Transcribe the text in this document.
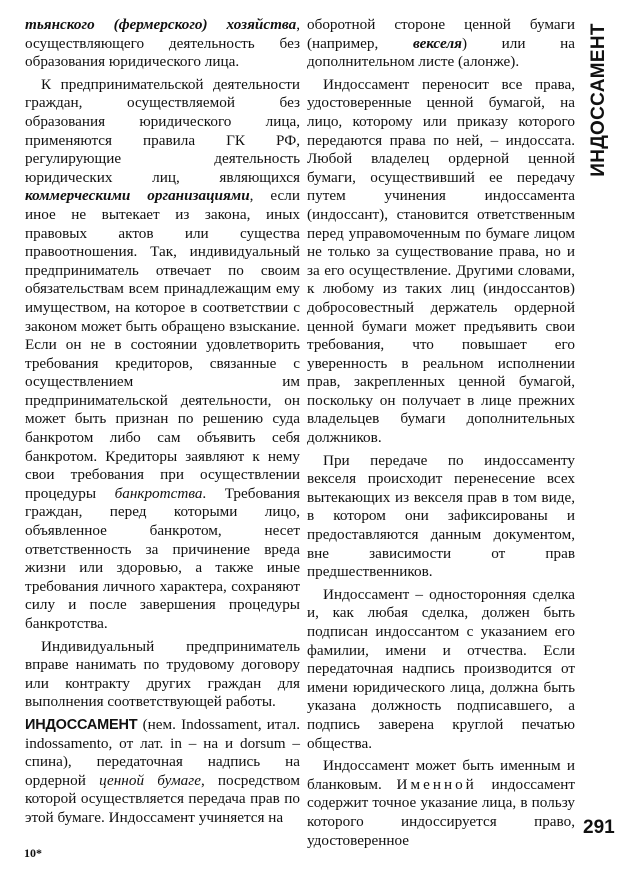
тьянского (фермерского) хозяйства, осуществляющего деятельность без образования юридического лица.

К предпринимательской деятельности граждан, осуществляемой без образования юридического лица, применяются правила ГК РФ, регулирующие деятельность юридических лиц, являющихся коммерческими организациями, если иное не вытекает из закона, иных правовых актов или существа правоотношения. Так, индивидуальный предприниматель отвечает по своим обязательствам всем принадлежащим ему имуществом, на которое в соответствии с законом может быть обращено взыскание. Если он не в состоянии удовлетворить требования кредиторов, связанные с осуществлением им предпринимательской деятельности, он может быть признан по решению суда банкротом либо сам объявить себя банкротом. Кредиторы заявляют к нему свои требования при осуществлении процедуры банкротства. Требования граждан, перед которыми лицо, объявленное банкротом, несет ответственность за причинение вреда жизни или здоровью, а также иные требования личного характера, сохраняют силу и после завершения процедуры банкротства.

Индивидуальный предприниматель вправе нанимать по трудовому договору или контракту других граждан для выполнения соответствующей работы.

ИНДОССАМЕНТ (нем. Indossament, итал. indossamento, от лат. in – на и dorsum – спина), передаточная надпись на ордерной ценной бумаге, посредством которой осуществляется передача прав по этой бумаге. Индоссамент учиняется на

оборотной стороне ценной бумаги (например, векселя) или на дополнительном листе (алонже).

Индоссамент переносит все права, удостоверенные ценной бумагой, на лицо, которому или приказу которого передаются права по ней, – индоссата. Любой владелец ордерной ценной бумаги, осуществивший ее передачу путем учинения индоссамента (индоссант), становится ответственным перед управомоченным по бумаге лицом не только за существование права, но и за его осуществление. Другими словами, к любому из таких лиц (индоссантов) добросовестный держатель ордерной ценной бумаги может предъявить свои требования, что повышает его уверенность в реальном исполнении прав, закрепленных ценной бумагой, поскольку он получает в лице прежних владельцев бумаги дополнительных должников.

При передаче по индоссаменту векселя происходит перенесение всех вытекающих из векселя прав в том виде, в котором они зафиксированы и предоставляются данным документом, вне зависимости от прав предшественников.

Индоссамент – односторонняя сделка и, как любая сделка, должен быть подписан индоссантом с указанием его фамилии, имени и отчества. Если передаточная надпись производится от имени юридического лица, должна быть указана должность подписавшего, а подпись заверена круглой печатью общества.

Индоссамент может быть именным и бланковым. Именной индоссамент содержит точное указание лица, в пользу которого индоссируется право, удостоверенное

ИНДОССАМЕНТ
291
10*
